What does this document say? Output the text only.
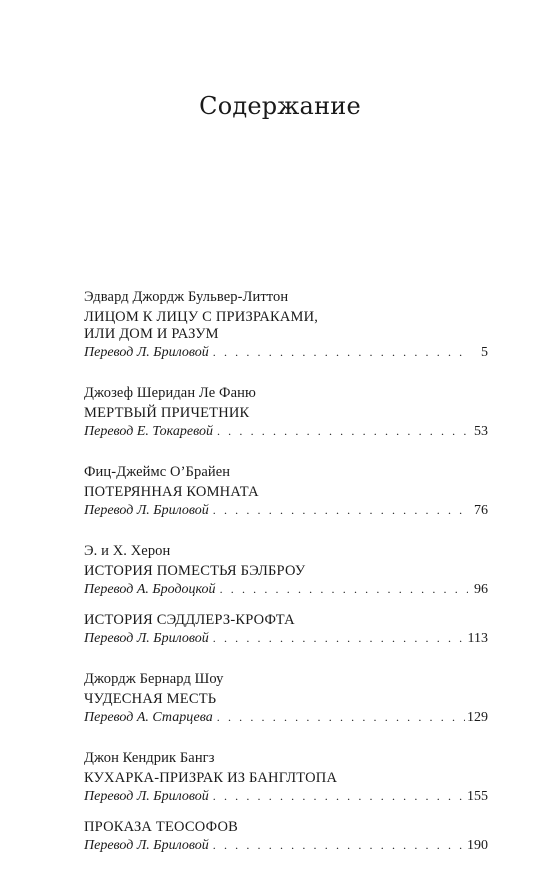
Содержание
Эдвард Джордж Бульвер-Литтон
ЛИЦОМ К ЛИЦУ С ПРИЗРАКАМИ,
ИЛИ ДОМ И РАЗУМ
Перевод Л. Бриловой . . .	5
Джозеф Шеридан Ле Фаню
МЕРТВЫЙ ПРИЧЕТНИК
Перевод Е. Токаревой . . .	53
Фиц-Джеймс О’Брайен
ПОТЕРЯННАЯ КОМНАТА
Перевод Л. Бриловой . . .	76
Э. и Х. Херон
ИСТОРИЯ ПОМЕСТЬЯ БЭЛБРОУ
Перевод А. Бродоцкой . . .	96
ИСТОРИЯ СЭДДЛЕРЗ-КРОФТА
Перевод Л. Бриловой . . .	113
Джордж Бернард Шоу
ЧУДЕСНАЯ МЕСТЬ
Перевод А. Старцева . . .	129
Джон Кендрик Бангз
КУХАРКА-ПРИЗРАК ИЗ БАНГЛТОПА
Перевод Л. Бриловой . . .	155
ПРОКАЗА ТЕОСОФОВ
Перевод Л. Бриловой . . .	190
